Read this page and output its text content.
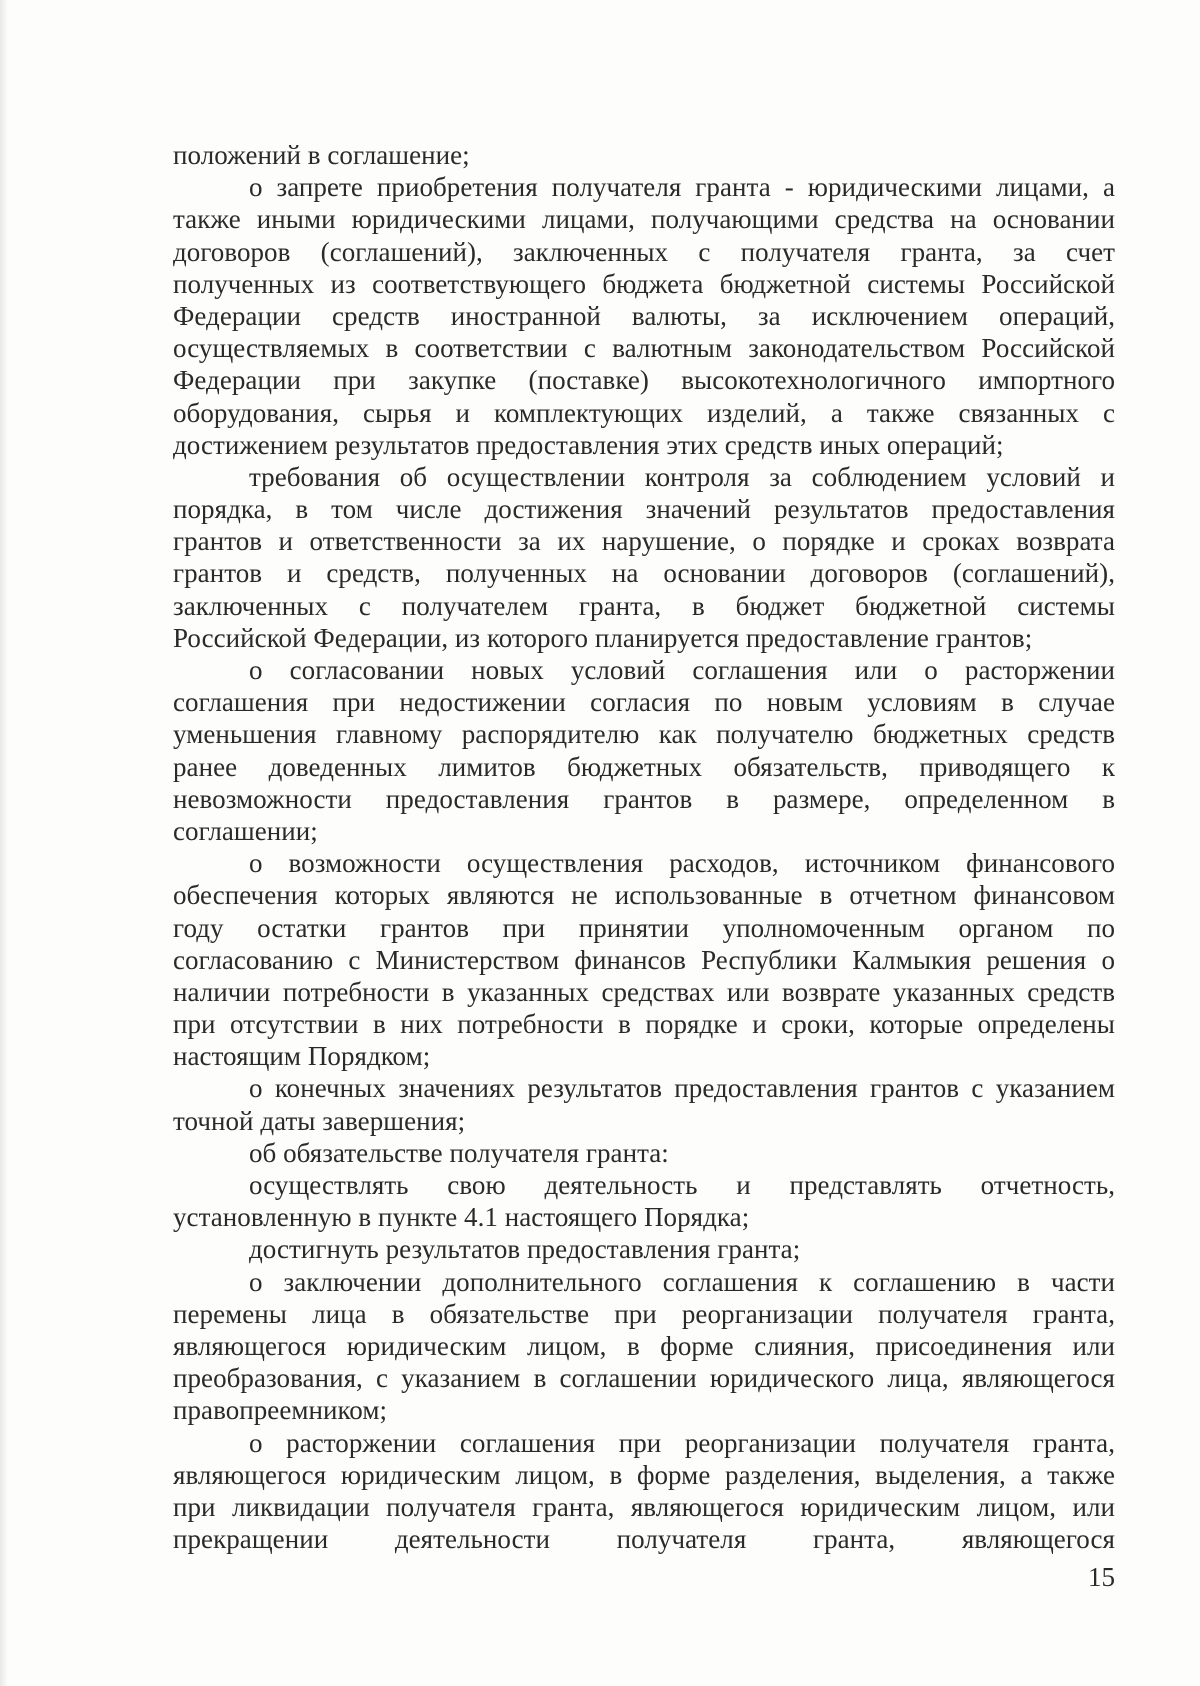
положений в соглашение;
о запрете приобретения получателя гранта - юридическими лицами, а
также иными юридическими лицами, получающими средства на основании
договоров (соглашений), заключенных с получателя гранта, за счет
полученных из соответствующего бюджета бюджетной системы Российской
Федерации средств иностранной валюты, за исключением операций,
осуществляемых в соответствии с валютным законодательством Российской
Федерации при закупке (поставке) высокотехнологичного импортного
оборудования, сырья и комплектующих изделий, а также связанных с
достижением результатов предоставления этих средств иных операций;
требования об осуществлении контроля за соблюдением условий и
порядка, в том числе достижения значений результатов предоставления
грантов и ответственности за их нарушение, о порядке и сроках возврата
грантов и средств, полученных на основании договоров (соглашений),
заключенных с получателем гранта, в бюджет бюджетной системы
Российской Федерации, из которого планируется предоставление грантов;
о согласовании новых условий соглашения или о расторжении
соглашения при недостижении согласия по новым условиям в случае
уменьшения главному распорядителю как получателю бюджетных средств
ранее доведенных лимитов бюджетных обязательств, приводящего к
невозможности предоставления грантов в размере, определенном в
соглашении;
о возможности осуществления расходов, источником финансового
обеспечения которых являются не использованные в отчетном финансовом
году остатки грантов при принятии уполномоченным органом по
согласованию с Министерством финансов Республики Калмыкия решения о
наличии потребности в указанных средствах или возврате указанных средств
при отсутствии в них потребности в порядке и сроки, которые определены
настоящим Порядком;
о конечных значениях результатов предоставления грантов с указанием
точной даты завершения;
об обязательстве получателя гранта:
осуществлять свою деятельность и представлять отчетность,
установленную в пункте 4.1 настоящего Порядка;
достигнуть результатов предоставления гранта;
о заключении дополнительного соглашения к соглашению в части
перемены лица в обязательстве при реорганизации получателя гранта,
являющегося юридическим лицом, в форме слияния, присоединения или
преобразования, с указанием в соглашении юридического лица, являющегося
правопреемником;
о расторжении соглашения при реорганизации получателя гранта,
являющегося юридическим лицом, в форме разделения, выделения, а также
при ликвидации получателя гранта, являющегося юридическим лицом, или
прекращении деятельности получателя гранта, являющегося
15
